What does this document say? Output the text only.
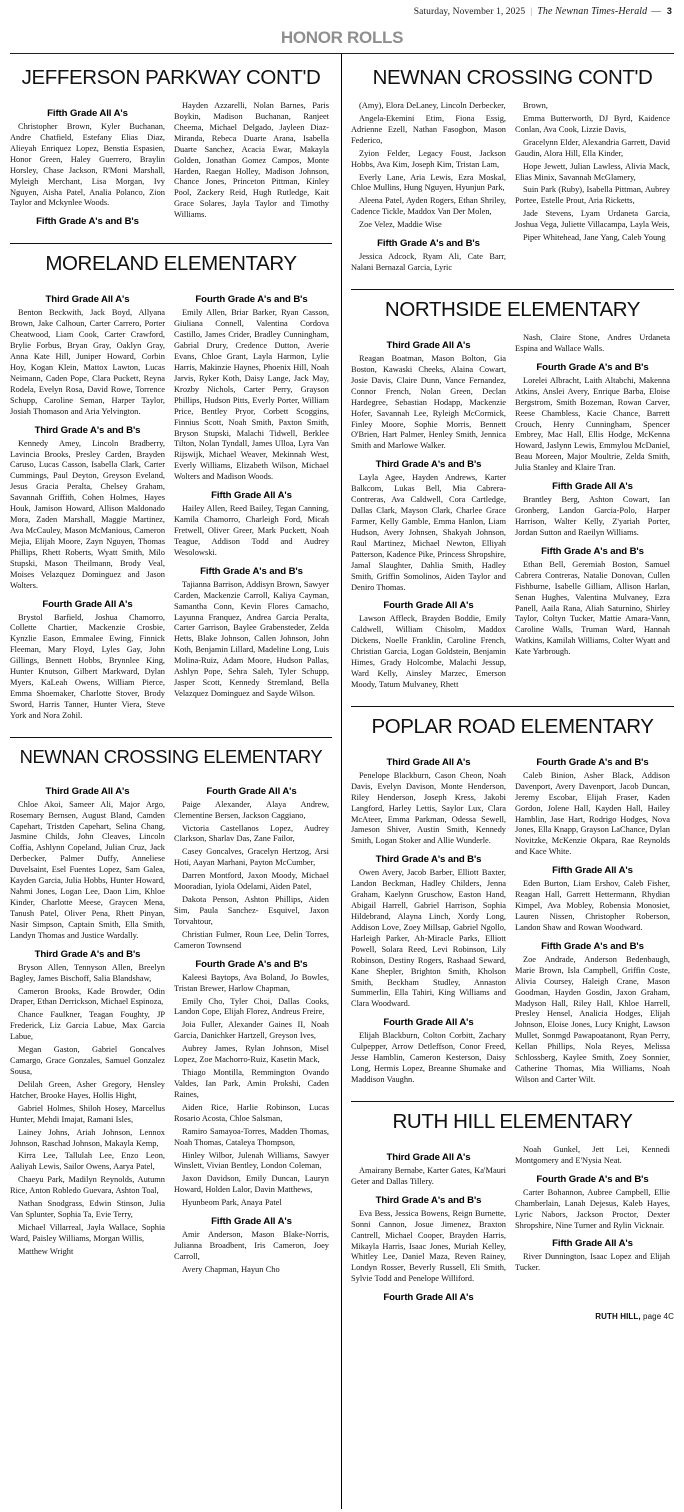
Saturday, November 1, 2025 | The Newnan Times-Herald — 3
HONOR ROLLS
JEFFERSON PARKWAY CONT'D
Fifth Grade All A's

Christopher Brown, Kyler Buchanan, Andre Chatfield, Estefany Elias Diaz, Alieyah Enriquez Lopez, Benstia Espasien, Honor Green, Haley Guerrero, Braylin Horsley, Chase Jackson, R'Moni Marshall, Myleigh Merchant, Lisa Morgan, Ivy Nguyen, Aisha Patel, Analia Polanco, Zion Taylor and Mckynlee Woods.

Fifth Grade A's and B's

Hayden Azzarelli, Nolan Barnes, Paris Boykin, Madison Buchanan, Ranjeet Cheema, Michael Delgado, Jayleen Diaz-Miranda, Rebeca Duarte Arana, Isabella Duarte Sanchez, Acacia Ewar, Makayla Golden, Jonathan Gomez Campos, Monte Harden, Raegan Holley, Madison Johnson, Chance Jones, Princeton Pittman, Kinley Pool, Zackery Reid, Hugh Rutledge, Kait Grace Solares, Jayla Taylor and Timothy Williams.

MORELAND ELEMENTARY
Third Grade All A's

Benton Beckwith, Jack Boyd, Allyana Brown, Jake Calhoun, Carter Carrero, Porter Cheatwood, Liam Cook, Carter Crawford, Brylie Forbus, Bryan Gray, Oaklyn Gray, Anna Kate Hill, Juniper Howard, Corbin Hoy, Kogan Klein, Mattox Lawton, Lucas Neimann, Caden Pope, Clara Puckett, Reyna Rodela, Evelyn Rosa, David Rowe, Torrence Schupp, Caroline Seman, Harper Taylor, Josiah Thomason and Aria Yelvington.

Third Grade A's and B's

Kennedy Amey, Lincoln Bradberry, Lavincia Brooks, Presley Carden, Brayden Caruso, Lucas Casson, Isabella Clark, Carter Cummings, Paul Deyton, Greyson Eveland, Jesus Gracia Peralta, Chelsey Graham, Savannah Griffith, Cohen Holmes, Hayes Houk, Jamison Howard, Allison Maldonado Mora, Zaden Marshall, Maggie Martinez, Ava McCauley, Mason McManious, Cameron Mejia, Elijah Moore, Zayn Nguyen, Thomas Phillips, Rhett Roberts, Wyatt Smith, Milo Stupski, Mason Theilmann, Brody Veal, Moises Velazquez Dominguez and Jason Wolters.

Fourth Grade All A's

Brystol Barfield, Joshua Chamorro, Collette Chartier, Mackenzie Crosbie, Kynzlie Eason, Emmalee Ewing, Finnick Fleeman, Mary Floyd, Lyles Gay, John Gillings, Bennett Hobbs, Brynnlee King, Hunter Knutson, Gilbert Markward, Dylan Myers, KaLeah Owens, William Pierce, Emma Shoemaker, Charlotte Stover, Brody Sword, Harris Tanner, Hunter Viera, Steve York and Nora Zohil.

Fourth Grade A's and B's

Emily Allen, Briar Barker, Ryan Casson, Giuliana Connell, Valentina Cordova Castillo, James Crider, Bradley Cunningham, Gabrial Drury, Credence Dutton, Averie Evans, Chloe Grant, Layla Harmon, Lylie Harris, Makinzie Haynes, Phoenix Hill, Noah Jarvis, Ryker Koth, Daisy Lange, Jack May, Krozby Nichols, Carter Perry, Grayson Phillips, Hudson Pitts, Everly Porter, William Price, Bentley Pryor, Corbett Scoggins, Finnius Scott, Noah Smith, Paxton Smith, Bryson Stupski, Malachi Tidwell, Berklee Tilton, Nolan Tyndall, James Ulloa, Lyra Van Rijswijk, Michael Weaver, Mekinnah West, Everly Williams, Elizabeth Wilson, Michael Wolters and Madison Woods.

Fifth Grade All A's

Hailey Allen, Reed Bailey, Tegan Canning, Kamila Chamorro, Charleigh Ford, Micah Fretwell, Oliver Greer, Mark Puckett, Noah Teague, Addison Todd and Audrey Wesolowski.

Fifth Grade A's and B's

Tajianna Barrison, Addisyn Brown, Sawyer Carden, Mackenzie Carroll, Kaliya Cayman, Samantha Conn, Kevin Flores Camacho, Layunna Franquez, Andrea Garcia Peralta, Carter Garrison, Baylee Grabensteder, Zelda Hetts, Blake Johnson, Callen Johnson, John Koth, Benjamin Lillard, Madeline Long, Luis Molina-Ruiz, Adam Moore, Hudson Pallas, Ashlyn Pope, Sehra Saleh, Tyler Schupp, Jasper Scott, Kennedy Stremland, Bella Velazquez Dominguez and Sayde Wilson.

NEWNAN CROSSING ELEMENTARY
Third Grade All A's

Chloe Akoi, Sameer Ali, Major Argo, Rosemary Bernsen, August Bland, Camden Capehart, Tristden Capehart, Selina Chang, Jasmine Childs, John Cleaves, Lincoln Coffia, Ashlynn Copeland, Julian Cruz, Jack Derbecker, Palmer Duffy, Anneliese Duvelsaint, Esel Fuentes Lopez, Sam Galea, Kayden Garcia, Julia Hobbs, Hunter Howard, Nahmi Jones, Logan Lee, Daon Lim, Khloe Kinder, Charlotte Meese, Graycen Mena, Tanush Patel, Oliver Pena, Rhett Pinyan, Nasir Simpson, Captain Smith, Ella Smith, Landyn Thomas and Justice Wardally.

Third Grade A's and B's

Bryson Allen, Tennyson Allen, Breelyn Bagley, James Bischoff, Salia Blandshaw,

Cameron Brooks, Kade Browder, Odin Draper, Ethan Derrickson, Michael Espinoza,

Chance Faulkner, Teagan Foughty, JP Frederick, Liz Garcia Labue, Max Garcia Labue,

Megan Gaston, Gabriel Goncalves Camargo, Grace Gonzales, Samuel Gonzalez Sousa,

Delilah Green, Asher Gregory, Hensley Hatcher, Brooke Hayes, Hollis Hight,

Gabriel Holmes, Shiloh Hosey, Marcellus Hunter, Mehdi Imajat, Ramani Isles,

Lainey Johns, Ariah Johnson, Lennox Johnson, Raschad Johnson, Makayla Kemp,

Kirra Lee, Tallulah Lee, Enzo Leon, Aaliyah Lewis, Sailor Owens, Aarya Patel,

Chaeyu Park, Madilyn Reynolds, Autumn Rice, Anton Robledo Guevara, Ashton Toal,

Nathan Snodgrass, Edwin Stinson, Julia Van Splunter, Sophia Ta, Evie Terry,

Michael Villarreal, Jayla Wallace, Sophia Ward, Paisley Williams, Morgan Willis,

Matthew Wright

Fourth Grade All A's

Paige Alexander, Alaya Andrew, Clementine Bersen, Jackson Caggiano,

Victoria Castellanos Lopez, Audrey Clarkson, Sharlav Das, Zane Failor,

Casey Goncalves, Gracelyn Hertzog, Arsi Hoti, Aayan Marhani, Payton McCumber,

Darren Montford, Jaxon Moody, Michael Mooradian, Iyiola Odelami, Aiden Patel,

Dakota Penson, Ashton Phillips, Aiden Sim, Paula Sanchez- Esquivel, Jaxon Torvahtour,

Christian Fulmer, Roun Lee, Delin Torres, Cameron Townsend

Fourth Grade A's and B's

Kaleesi Baytops, Ava Boland, Jo Bowles, Tristan Brewer, Harlow Chapman,

Emily Cho, Tyler Choi, Dallas Cooks, Landon Cope, Elijah Florez, Andreus Freire,

Joia Fuller, Alexander Gaines II, Noah Garcia, Danichker Hartzell, Greyson Ives,

Aubrey James, Rylan Johnson, Misel Lopez, Zoe Machorro-Ruiz, Kasetin Mack,

Thiago Montilla, Remmington Ovando Valdes, Ian Park, Amin Prokshi, Caden Raines,

Aiden Rice, Harlie Robinson, Lucas Rosario Acosta, Chloe Salsman,

Ramiro Samayoa-Torres, Madden Thomas, Noah Thomas, Cataleya Thompson,

Hinley Wilbor, Julenah Williams, Sawyer Winslett, Vivian Bentley, London Coleman,

Jaxon Davidson, Emily Duncan, Lauryn Howard, Holden Lalor, Davin Matthews,

Hyunbeom Park, Anaya Patel

Fifth Grade All A's

Amir Anderson, Mason Blake-Norris, Julianna Broadbent, Iris Cameron, Joey Carroll,

Avery Chapman, Hayun Cho

NEWNAN CROSSING CONT'D

(Amy), Elora DeLaney, Lincoln Derbecker,

Angela-Ekemini Etim, Fiona Essig, Adrienne Ezell, Nathan Fasogbon, Mason Federico,

Zyion Felder, Legacy Foust, Jackson Hobbs, Ava Kim, Joseph Kim, Tristan Lam,

Everly Lane, Aria Lewis, Ezra Moskal, Chloe Mullins, Hung Nguyen, Hyunjun Park,

Aleena Patel, Ayden Rogers, Ethan Shriley, Cadence Tickle, Maddox Van Der Molen,

Zoe Velez, Maddie Wise

Fifth Grade A's and B's

Jessica Adcock, Ryam Ali, Cate Barr, Nalani Bernazal Garcia, Lyric

Brown,

Emma Butterworth, DJ Byrd, Kaidence Conlan, Ava Cook, Lizzie Davis,

Gracelynn Elder, Alexandria Garrett, David Gaudin, Alora Hill, Ella Kinder,

Hope Jewett, Julian Lawless, Alivia Mack, Elias Minix, Savannah McGlamery,

Suin Park (Ruby), Isabella Pittman, Aubrey Portee, Estelle Prout, Aria Ricketts,

Jade Stevens, Lyam Urdaneta Garcia, Joshua Vega, Juliette Villacampa, Layla Weis,

Piper Whitehead, Jane Yang, Caleb Young

NORTHSIDE ELEMENTARY
Third Grade All A's

Reagan Boatman, Mason Bolton, Gia Boston, Kawaski Cheeks, Alaina Cowart, Josie Davis, Claire Dunn, Vance Fernandez, Connor French, Nolan Green, Declan Hardegree, Sebastian Hodapp, Mackenzie Hofer, Savannah Lee, Ryleigh McCormick, Finley Moore, Sophie Morris, Bennett O'Brien, Hart Palmer, Henley Smith, Jennica Smith and Marlowe Walker.

Third Grade A's and B's

Layla Agee, Hayden Andrews, Karter Balkcom, Lukas Bell, Mia Cabrera- Contreras, Ava Caldwell, Cora Cartledge, Dallas Clark, Mayson Clark, Charlee Grace Farmer, Kelly Gamble, Emma Hanlon, Liam Hudson, Avery Johnsen, Shakyah Johnson, Raul Martinez, Michael Newton, Elliyah Patterson, Kadence Pike, Princess Shropshire, Jamal Slaughter, Dahlia Smith, Hadley Smith, Griffin Somolinos, Aiden Taylor and Deniro Thomas.

Fourth Grade All A's

Lawson Affleck, Brayden Boddie, Emily Caldwell, William Chisolm, Maddox Dickens, Noelle Franklin, Caroline French, Christian Garcia, Logan Goldstein, Benjamin Himes, Grady Holcombe, Malachi Jessup, Ward Kelly, Ainsley Marzec, Emerson Moody, Tatum Mulvaney, Rhett

Nash, Claire Stone, Andres Urdaneta Espina and Wallace Walls.

Fourth Grade A's and B's

Lorelei Albracht, Laith Altabchi, Makenna Atkins, Anslei Avery, Enrique Barba, Eloise Bergstrom, Smith Bozeman, Rowan Carver, Reese Chambless, Kacie Chance, Barrett Crouch, Henry Cunningham, Spencer Embrey, Mac Hall, Ellis Hodge, McKenna Howard, Jaslynn Lewis, Emmylou McDaniel, Beau Moreen, Major Moultrie, Zelda Smith, Julia Stanley and Klaire Tran.

Fifth Grade All A's

Brantley Berg, Ashton Cowart, Ian Gronberg, Landon Garcia-Polo, Harper Harrison, Walter Kelly, Z'yariah Porter, Jordan Sutton and Raeilyn Williams.

Fifth Grade A's and B's

Ethan Bell, Geremiah Boston, Samuel Cabrera Contreras, Natalie Donovan, Cullen Fishburne, Isabelle Gilliam, Allison Harlan, Senan Hughes, Valentina Mulvaney, Ezra Panell, Aaila Rana, Aliah Saturnino, Shirley Taylor, Coltyn Tucker, Mattie Amara-Vann, Caroline Walls, Truman Ward, Hannah Watkins, Kamilah Williams, Colter Wyatt and Kate Yarbrough.

POPLAR ROAD ELEMENTARY
Third Grade All A's

Penelope Blackburn, Cason Cheon, Noah Davis, Evelyn Davison, Monte Henderson, Riley Henderson, Joseph Kress, Jakobi Langford, Harley Lettis, Saylor Lux, Clara McAteer, Emma Parkman, Odessa Sewell, Jameson Shiver, Austin Smith, Kennedy Smith, Logan Stoker and Allie Wunderle.

Third Grade A's and B's

Owen Avery, Jacob Barber, Elliott Baxter, Landon Beckman, Hadley Childers, Jenna Graham, Kaelynn Gruschow, Easton Hand, Abigail Harrell, Gabriel Harrison, Sophia Hildebrand, Alayna Linch, Xordy Long, Addison Love, Zoey Millsap, Gabriel Ngollo, Harleigh Parker, Ah-Miracle Parks, Elliott Powell, Solara Reed, Levi Robinson, Lily Robinson, Destiny Rogers, Rashaad Seward, Kane Shepler, Brighton Smith, Kholson Smith, Beckham Studley, Annaston Summerlin, Ella Tahiri, King Williams and Clara Woodward.

Fourth Grade All A's

Elijah Blackburn, Colton Corbitt, Zachary Culpepper, Arrow Detleffson, Conor Freed, Jesse Hamblin, Cameron Kesterson, Daisy Long, Hermis Lopez, Breanne Shumake and Maddison Vaughn.

Fourth Grade A's and B's

Caleb Binion, Asher Black, Addison Davenport, Avery Davenport, Jacob Duncan, Jeremy Escobar, Elijah Fraser, Kaden Gordon, Jolene Hall, Kayden Hall, Hailey Hamblin, Jase Hart, Rodrigo Hodges, Nova Jones, Ella Knapp, Grayson LaChance, Dylan Novitzke, McKenzie Okpara, Rae Reynolds and Kace White.

Fifth Grade All A's

Eden Burton, Liam Ershov, Caleb Fisher, Reagan Hall, Garrett Hettermann, Rhydian Kimpel, Ava Mobley, Robensia Monosiet, Lauren Nissen, Christopher Roberson, Landon Shaw and Rowan Woodward.

Fifth Grade A's and B's

Zoe Andrade, Anderson Bedenbaugh, Marie Brown, Isla Campbell, Griffin Coste, Alivia Coursey, Haleigh Crane, Mason Goodman, Hayden Gosdin, Jaxon Graham, Madyson Hall, Riley Hall, Khloe Harrell, Presley Hensel, Analicia Hodges, Elijah Johnson, Eloise Jones, Lucy Knight, Lawson Mullet, Sonmgd Pawapoatanont, Ryan Perry, Kellan Phillips, Nola Reyes, Melissa Schlossberg, Kaylee Smith, Zoey Sonnier, Catherine Thomas, Mia Williams, Noah Wilson and Carter Wilt.

RUTH HILL ELEMENTARY
Third Grade All A's

Amairany Bernabe, Karter Gates, Ka'Mauri Geter and Dallas Tillery.

Third Grade A's and B's

Eva Bess, Jessica Bowens, Reign Burnette, Sonni Cannon, Josue Jimenez, Braxton Cantrell, Michael Cooper, Brayden Harris, Mikayla Harris, Isaac Jones, Muriah Kelley, Whitley Lee, Daniel Maza, Reven Rainey, Londyn Rosser, Beverly Russell, Eli Smith, Sylvie Todd and Penelope Williford.

Fourth Grade All A's

Noah Gunkel, Jett Lei, Kennedi Montgomery and E'Nysia Neat.

Fourth Grade A's and B's

Carter Bohannon, Aubree Campbell, Ellie Chamberlain, Lanah Dejesus, Kaleb Hayes, Lyric Nabors, Jackson Proctor, Dexter Shropshire, Nine Turner and Rylin Vicknair.

Fifth Grade All A's

River Dunnington, Isaac Lopez and Elijah Tucker.

RUTH HILL, page 4C
